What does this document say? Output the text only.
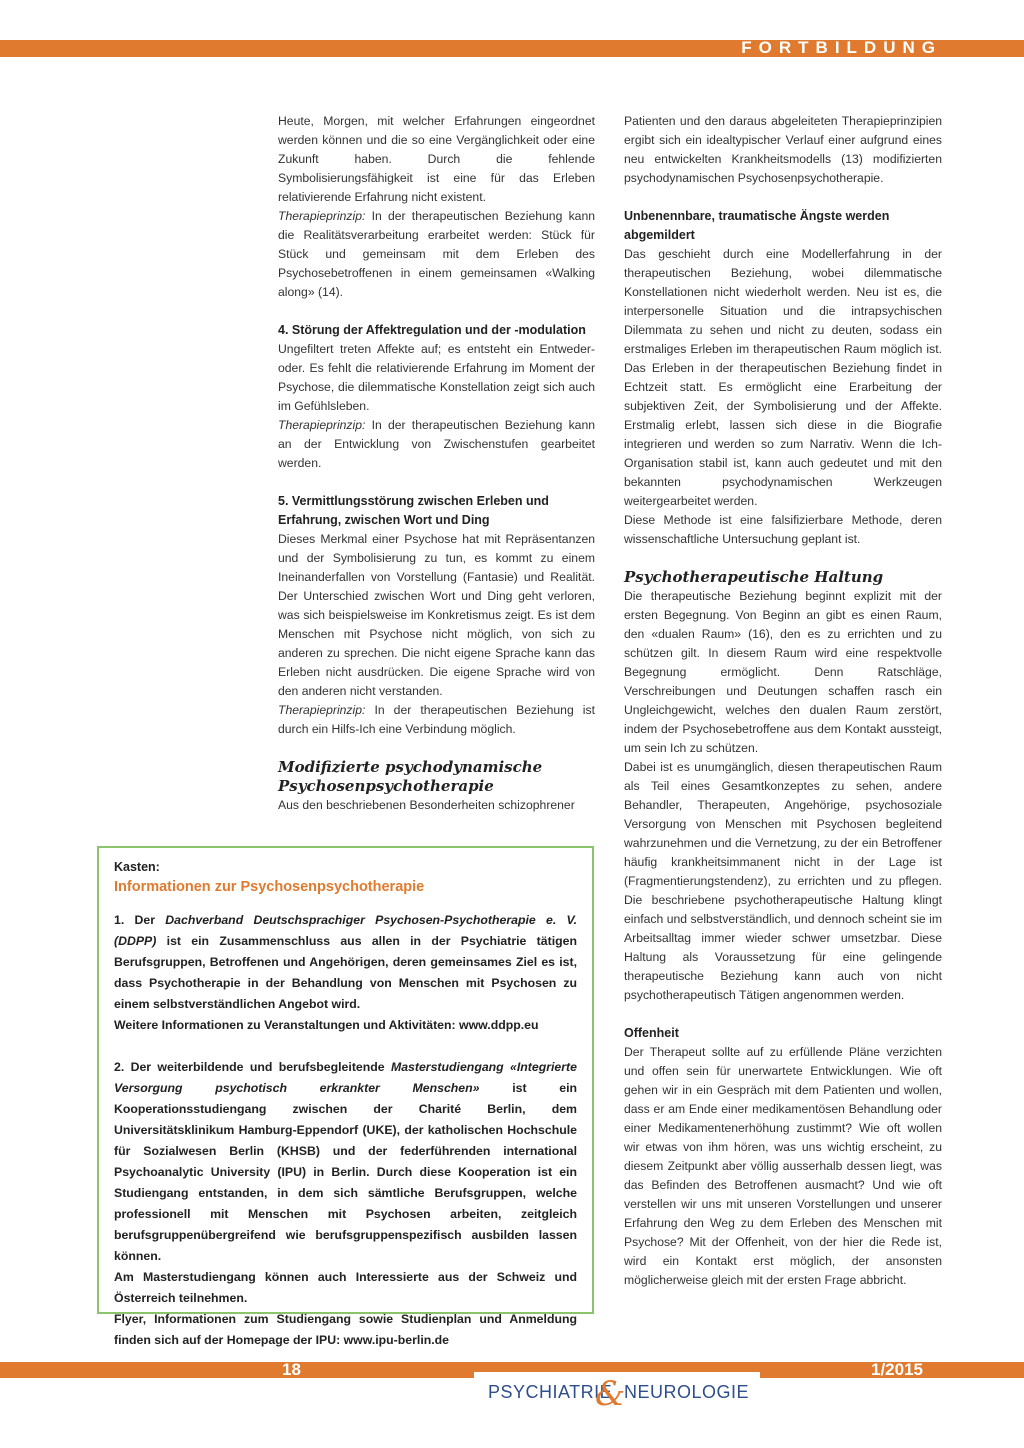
FORTBILDUNG

Heute, Morgen, mit welcher Erfahrungen eingeordnet werden können und die so eine Vergänglichkeit oder eine Zukunft haben. Durch die fehlende Symbolisierungsfähigkeit ist eine für das Erleben relativierende Erfahrung nicht existent.

Therapieprinzip: In der therapeutischen Beziehung kann die Realitätsverarbeitung erarbeitet werden: Stück für Stück und gemeinsam mit dem Erleben des Psychosebetroffenen in einem gemeinsamen «Walking along» (14).

4. Störung der Affektregulation und der -modulation

Ungefiltert treten Affekte auf; es entsteht ein Entweder-oder. Es fehlt die relativierende Erfahrung im Moment der Psychose, die dilemmatische Konstellation zeigt sich auch im Gefühlsleben.

Therapieprinzip: In der therapeutischen Beziehung kann an der Entwicklung von Zwischenstufen gearbeitet werden.

5. Vermittlungsstörung zwischen Erleben und Erfahrung, zwischen Wort und Ding

Dieses Merkmal einer Psychose hat mit Repräsentanzen und der Symbolisierung zu tun, es kommt zu einem Ineinanderfallen von Vorstellung (Fantasie) und Realität. Der Unterschied zwischen Wort und Ding geht verloren, was sich beispielsweise im Konkretismus zeigt. Es ist dem Menschen mit Psychose nicht möglich, von sich zu anderen zu sprechen. Die nicht eigene Sprache kann das Erleben nicht ausdrücken. Die eigene Sprache wird von den anderen nicht verstanden.

Therapieprinzip: In der therapeutischen Beziehung ist durch ein Hilfs-Ich eine Verbindung möglich.

Modifizierte psychodynamische Psychosenpsychotherapie

Aus den beschriebenen Besonderheiten schizophrener

Patienten und den daraus abgeleiteten Therapieprinzipien ergibt sich ein idealtypischer Verlauf einer aufgrund eines neu entwickelten Krankheitsmodells (13) modifizierten psychodynamischen Psychosenpsychotherapie.

Unbenennbare, traumatische Ängste werden abgemildert

Das geschieht durch eine Modellerfahrung in der therapeutischen Beziehung, wobei dilemmatische Konstellationen nicht wiederholt werden. Neu ist es, die interpersonelle Situation und die intrapsychischen Dilemmata zu sehen und nicht zu deuten, sodass ein erstmaliges Erleben im therapeutischen Raum möglich ist. Das Erleben in der therapeutischen Beziehung findet in Echtzeit statt. Es ermöglicht eine Erarbeitung der subjektiven Zeit, der Symbolisierung und der Affekte. Erstmalig erlebt, lassen sich diese in die Biografie integrieren und werden so zum Narrativ. Wenn die Ich-Organisation stabil ist, kann auch gedeutet und mit den bekannten psychodynamischen Werkzeugen weitergearbeitet werden.

Diese Methode ist eine falsifizierbare Methode, deren wissenschaftliche Untersuchung geplant ist.

Psychotherapeutische Haltung

Die therapeutische Beziehung beginnt explizit mit der ersten Begegnung. Von Beginn an gibt es einen Raum, den «dualen Raum» (16), den es zu errichten und zu schützen gilt. In diesem Raum wird eine respektvolle Begegnung ermöglicht. Denn Ratschläge, Verschreibungen und Deutungen schaffen rasch ein Ungleichgewicht, welches den dualen Raum zerstört, indem der Psychosebetroffene aus dem Kontakt aussteigt, um sein Ich zu schützen.

Dabei ist es unumgänglich, diesen therapeutischen Raum als Teil eines Gesamtkonzeptes zu sehen, andere Behandler, Therapeuten, Angehörige, psychosoziale Versorgung von Menschen mit Psychosen begleitend wahrzunehmen und die Vernetzung, zu der ein Betroffener häufig krankheitsimmanent nicht in der Lage ist (Fragmentierungstendenz), zu errichten und zu pflegen. Die beschriebene psychotherapeutische Haltung klingt einfach und selbstverständlich, und dennoch scheint sie im Arbeitsalltag immer wieder schwer umsetzbar. Diese Haltung als Voraussetzung für eine gelingende therapeutische Beziehung kann auch von nicht psychotherapeutisch Tätigen angenommen werden.

Offenheit

Der Therapeut sollte auf zu erfüllende Pläne verzichten und offen sein für unerwartete Entwicklungen. Wie oft gehen wir in ein Gespräch mit dem Patienten und wollen, dass er am Ende einer medikamentösen Behandlung oder einer Medikamentenerhöhung zustimmt? Wie oft wollen wir etwas von ihm hören, was uns wichtig erscheint, zu diesem Zeitpunkt aber völlig ausserhalb dessen liegt, was das Befinden des Betroffenen ausmacht? Und wie oft verstellen wir uns mit unseren Vorstellungen und unserer Erfahrung den Weg zu dem Erleben des Menschen mit Psychose? Mit der Offenheit, von der hier die Rede ist, wird ein Kontakt erst möglich, der ansonsten möglicherweise gleich mit der ersten Frage abbricht.

Kasten:

Informationen zur Psychosenpsychotherapie

1. Der Dachverband Deutschsprachiger Psychosen-Psychotherapie e. V. (DDPP) ist ein Zusammenschluss aus allen in der Psychiatrie tätigen Berufsgruppen, Betroffenen und Angehörigen, deren gemeinsames Ziel es ist, dass Psychotherapie in der Behandlung von Menschen mit Psychosen zu einem selbstverständlichen Angebot wird.

Weitere Informationen zu Veranstaltungen und Aktivitäten: www.ddpp.eu

2. Der weiterbildende und berufsbegleitende Masterstudiengang «Integrierte Versorgung psychotisch erkrankter Menschen» ist ein Kooperationsstudiengang zwischen der Charité Berlin, dem Universitätsklinikum Hamburg-Eppendorf (UKE), der katholischen Hochschule für Sozialwesen Berlin (KHSB) und der federführenden international Psychoanalytic University (IPU) in Berlin. Durch diese Kooperation ist ein Studiengang entstanden, in dem sich sämtliche Berufsgruppen, welche professionell mit Menschen mit Psychosen arbeiten, zeitgleich berufsgruppenübergreifend wie berufsgruppenspezifisch ausbilden lassen können.

Am Masterstudiengang können auch Interessierte aus der Schweiz und Österreich teilnehmen.

Flyer, Informationen zum Studiengang sowie Studienplan und Anmeldung finden sich auf der Homepage der IPU: www.ipu-berlin.de

18	1/2015
PSYCHIATRIE
&
NEUROLOGIE
